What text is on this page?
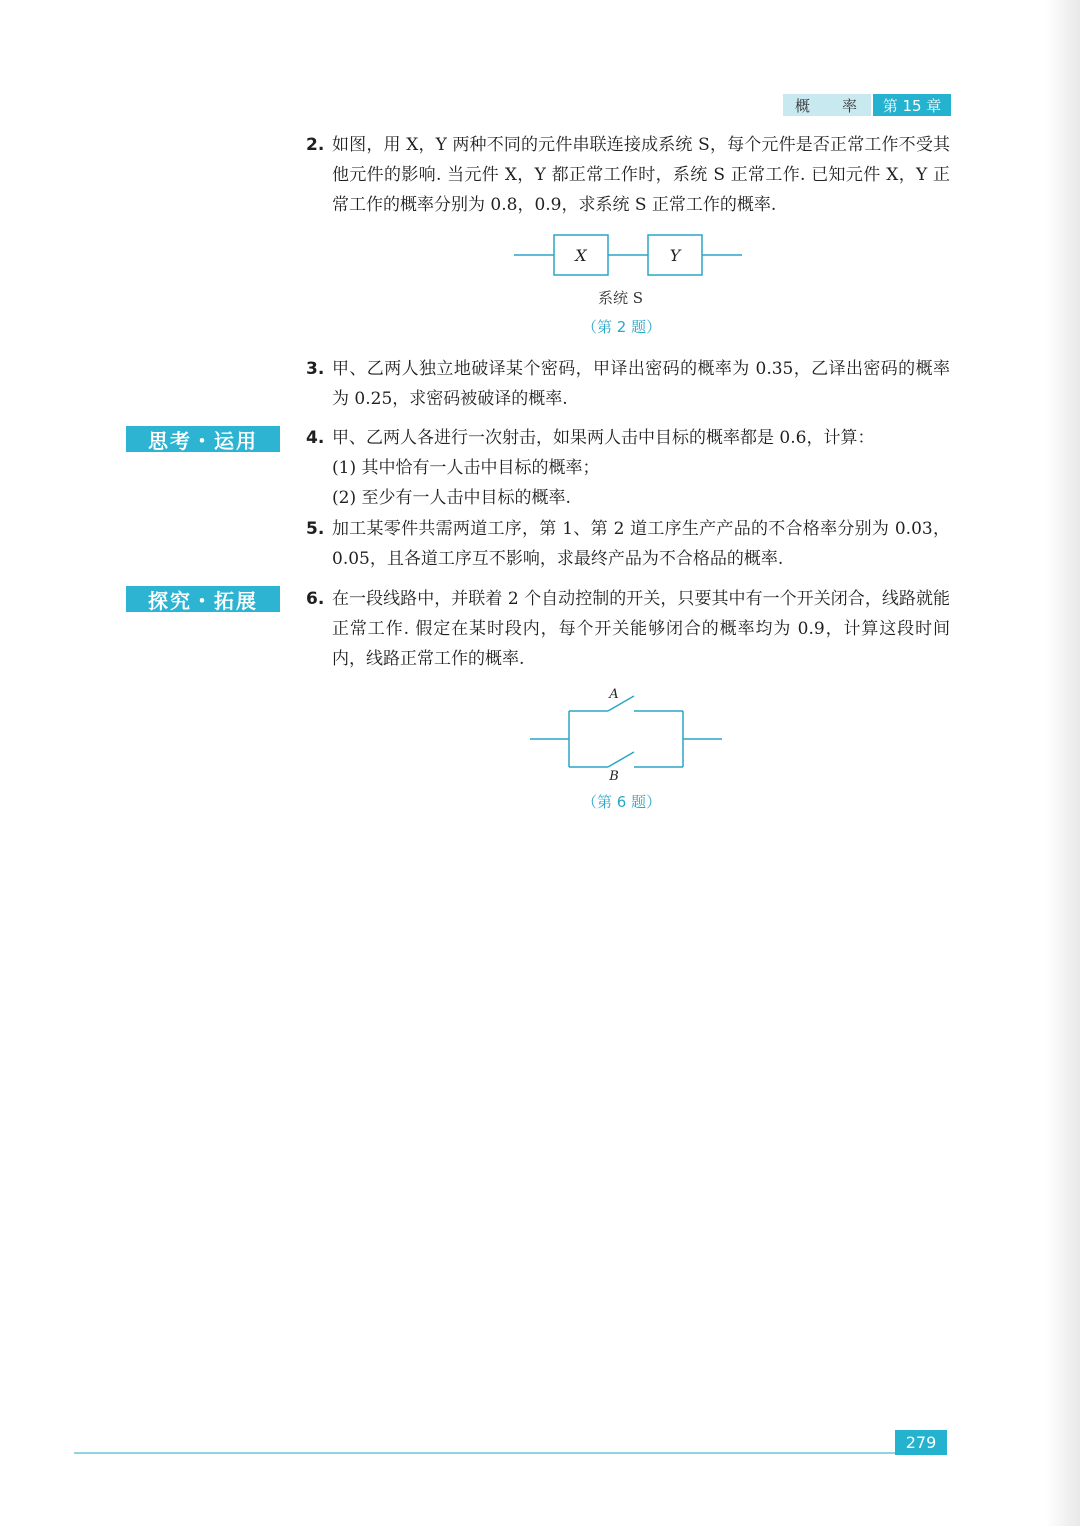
概 率	第 15 章
2. 如图，用 X，Y 两种不同的元件串联连接成系统 S，每个元件是否正常工作不受其他元件的影响. 当元件 X，Y 都正常工作时，系统 S 正常工作. 已知元件 X，Y 正常工作的概率分别为 0.8，0.9，求系统 S 正常工作的概率.
X	Y
系统 S
（第 2 题）
3. 甲、乙两人独立地破译某个密码，甲译出密码的概率为 0.35，乙译出密码的概率为 0.25，求密码被破译的概率.
思考・运用	4. 甲、乙两人各进行一次射击，如果两人击中目标的概率都是 0.6，计算：
(1) 其中恰有一人击中目标的概率；
(2) 至少有一人击中目标的概率.
5. 加工某零件共需两道工序，第 1、第 2 道工序生产产品的不合格率分别为 0.03，0.05，且各道工序互不影响，求最终产品为不合格品的概率.
探究・拓展	6. 在一段线路中，并联着 2 个自动控制的开关，只要其中有一个开关闭合，线路就能正常工作. 假定在某时段内，每个开关能够闭合的概率均为 0.9，计算这段时间内，线路正常工作的概率.
A
B
（第 6 题）
279
